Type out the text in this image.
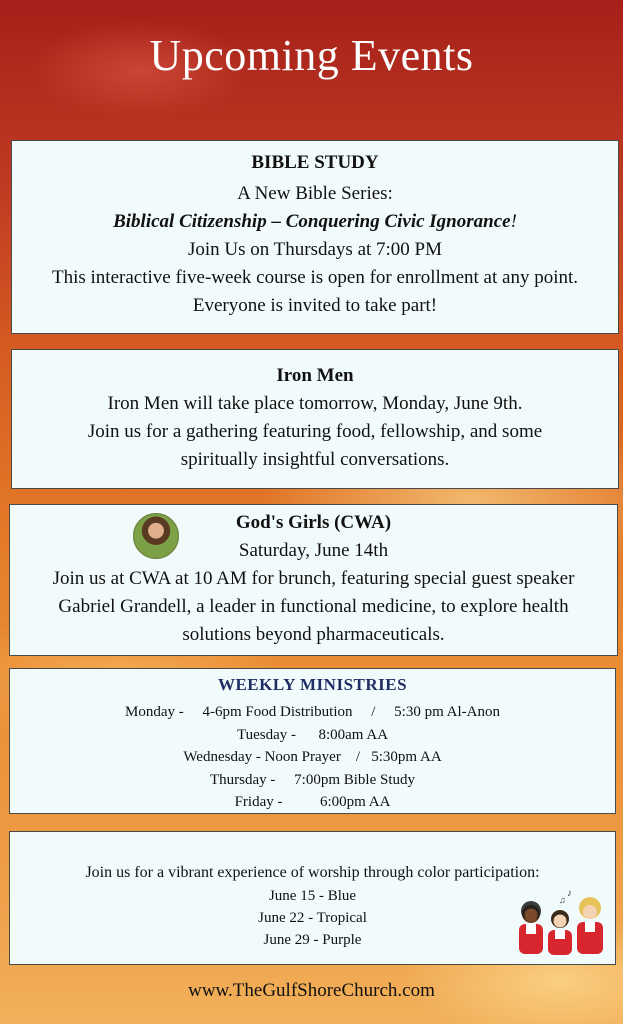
Upcoming Events
BIBLE STUDY
A New Bible Series:
Biblical Citizenship – Conquering Civic Ignorance!
Join Us on Thursdays at 7:00 PM
This interactive five-week course is open for enrollment at any point.
Everyone is invited to take part!
Iron Men
Iron Men will take place tomorrow, Monday, June 9th.
Join us for a gathering featuring food, fellowship, and some
spiritually insightful conversations.
God's Girls (CWA)
Saturday, June 14th
Join us at CWA at 10 AM for brunch, featuring special guest speaker
Gabriel Grandell, a leader in functional medicine, to explore health
solutions beyond pharmaceuticals.
WEEKLY MINISTRIES
Monday -     4-6pm Food Distribution     /     5:30 pm Al-Anon
Tuesday -      8:00am AA
Wednesday - Noon Prayer    /   5:30pm AA
Thursday -     7:00pm Bible Study
Friday -          6:00pm AA
Join us for a vibrant experience of worship through color participation:
June 15 - Blue
June 22 - Tropical
June 29 - Purple
♪
♫
www.TheGulfShoreChurch.com
